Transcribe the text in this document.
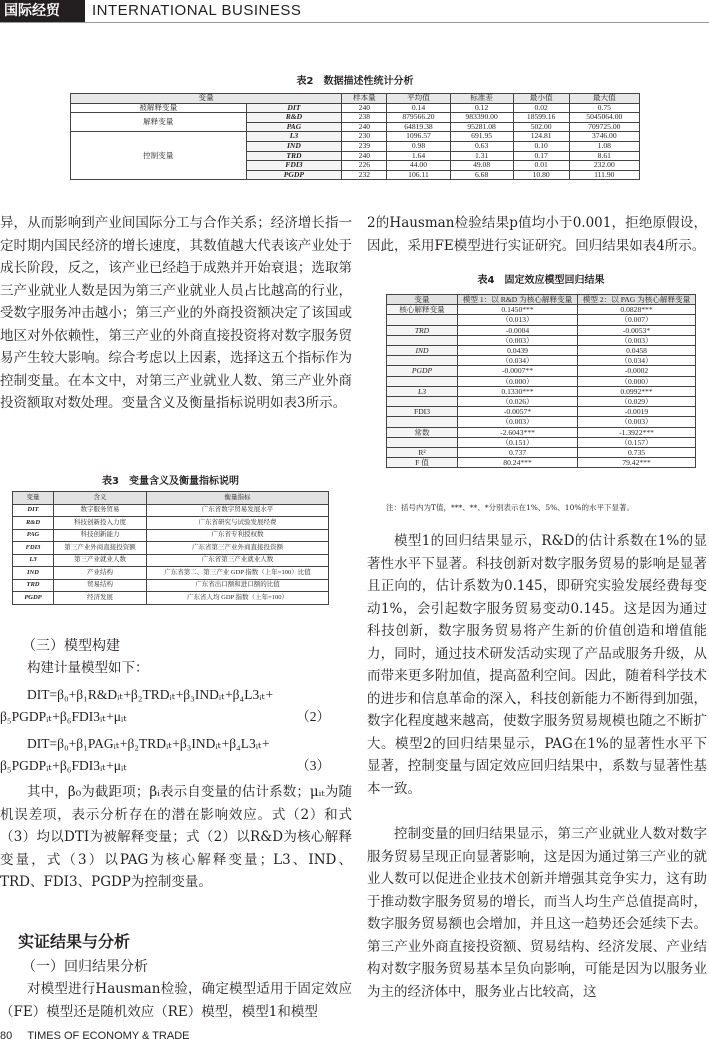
国际经贸	INTERNATIONAL BUSINESS
表2　数据描述性统计分析
变量		样本量	平均值	标准差	最小值	最大值
被解释变量	DIT	240	0.14	0.12	0.02	0.75
解释变量	R&D	238	879566.20	983390.00	18599.16	5045064.00
	PAG	240	64819.38	95281.08	502.00	709725.00
控制变量	L3	230	1096.57	691.95	124.81	3746.00
	IND	239	0.98	0.63	0.10	1.08
	TRD	240	1.64	1.31	0.17	8.61
	FDI3	226	44.00	49.08	0.01	232.00
	PGDP	232	106.11	6.68	10.80	111.90
异，从而影响到产业间国际分工与合作关系；经济增长指一定时期内国民经济的增长速度，其数值越大代表该产业处于成长阶段，反之，该产业已经趋于成熟并开始衰退；选取第三产业就业人数是因为第三产业就业人员占比越高的行业，受数字服务冲击越小；第三产业的外商投资额决定了该国或地区对外依赖性，第三产业的外商直接投资将对数字服务贸易产生较大影响。综合考虑以上因素，选择这五个指标作为控制变量。在本文中，对第三产业就业人数、第三产业外商投资额取对数处理。变量含义及衡量指标说明如表3所示。
表3　变量含义及衡量指标说明
变量	含义	衡量指标
DIT	数字服务贸易	广东省数字贸易发展水平
R&D	科技创新投入力度	广东省研究与试验发展经费
PAG	科技创新能力	广东省专利授权数
FDI3	第三产业外商直接投资额	广东省第三产业外商直接投资额
L3	第三产业就业人数	广东省第三产业就业人数
IND	产业结构	广东省第二、第三产业 GDP 指数（上年=100）比值
TRD	贸易结构	广东省出口额和进口额的比值
PGDP	经济发展	广东省人均 GDP 指数（上年=100）
（三）模型构建
构建计量模型如下：
DIT=β₀+β₁R&Dᵢₜ+β₂TRDᵢₜ+β₃INDᵢₜ+β₄L3ᵢₜ+
β₅PGDPᵢₜ+β₆FDI3ᵢₜ+μᵢₜ	（2）
DIT=β₀+β₁PAGᵢₜ+β₂TRDᵢₜ+β₃INDᵢₜ+β₄L3ᵢₜ+
β₅PGDPᵢₜ+β₆FDI3ᵢₜ+μᵢₜ	（3）
其中，β₀为截距项；βᵢ表示自变量的估计系数；μᵢₜ为随机误差项，表示分析存在的潜在影响效应。式（2）和式（3）均以DTI为被解释变量；式（2）以R&D为核心解释变量，式（3）以PAG为核心解释变量；L3、IND、TRD、FDI3、PGDP为控制变量。
实证结果与分析
（一）回归结果分析
对模型进行Hausman检验，确定模型适用于固定效应（FE）模型还是随机效应（RE）模型，模型1和模型
2的Hausman检验结果p值均小于0.001，拒绝原假设，因此，采用FE模型进行实证研究。回归结果如表4所示。
表4　固定效应模型回归结果
变量	模型 1：以 R&D 为核心解释变量	模型 2：以 PAG 为核心解释变量
核心解释变量	0.1450***	0.0828***
	（0.013）	（0.007）
TRD	-0.0004	-0.0053*
	（0.003）	（0.003）
IND	0.0439	0.0458
	（0.034）	（0.034）
PGDP	-0.0007**	-0.0002
	（0.000）	（0.000）
L3	0.1330***	0.0992***
	（0.026）	（0.029）
FDI3	-0.0057*	-0.0019
	（0.003）	（0.003）
常数	-2.6043***	-1.3922***
	（0.151）	（0.157）
R²	0.737	0.735
F 值	80.24***	79.42***
注：括号内为T值，***、**、*分别表示在1%、5%、10%的水平下显著。
模型1的回归结果显示，R&D的估计系数在1%的显著性水平下显著。科技创新对数字服务贸易的影响是显著且正向的，估计系数为0.145，即研究实验发展经费每变动1%，会引起数字服务贸易变动0.145。这是因为通过科技创新，数字服务贸易将产生新的价值创造和增值能力，同时，通过技术研发活动实现了产品或服务升级，从而带来更多附加值，提高盈利空间。因此，随着科学技术的进步和信息革命的深入，科技创新能力不断得到加强，数字化程度越来越高，使数字服务贸易规模也随之不断扩大。模型2的回归结果显示，PAG在1%的显著性水平下显著，控制变量与固定效应回归结果中，系数与显著性基本一致。
控制变量的回归结果显示，第三产业就业人数对数字服务贸易呈现正向显著影响，这是因为通过第三产业的就业人数可以促进企业技术创新并增强其竞争实力，这有助于推动数字服务贸易的增长，而当人均生产总值提高时，数字服务贸易额也会增加，并且这一趋势还会延续下去。第三产业外商直接投资额、贸易结构、经济发展、产业结构对数字服务贸易基本呈负向影响，可能是因为以服务业为主的经济体中，服务业占比较高，这
80 TIMES OF ECONOMY & TRADE
